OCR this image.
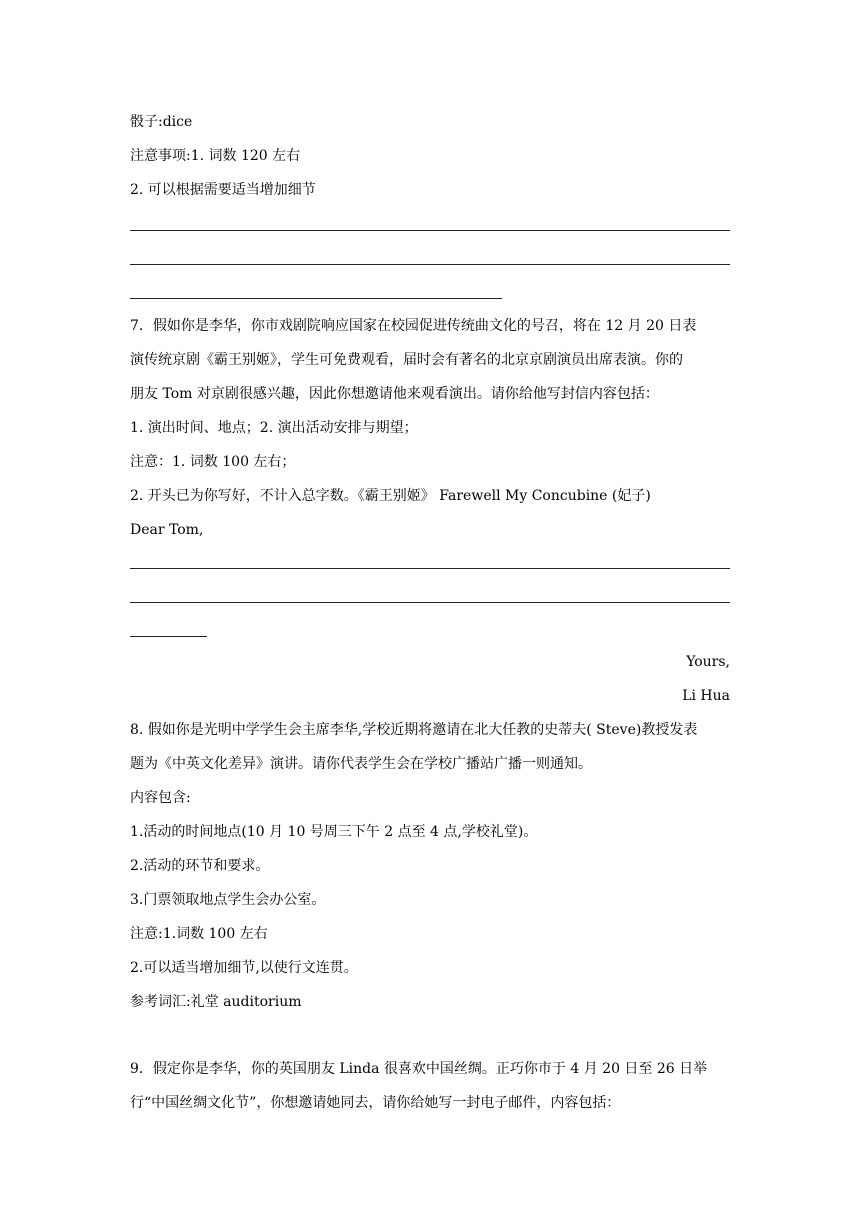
骰子:dice
注意事项:1. 词数 120 左右
2. 可以根据需要适当增加细节
7．假如你是李华，你市戏剧院响应国家在校园促进传统曲文化的号召，将在 12 月 20 日表
演传统京剧《霸王别姬》，学生可免费观看，届时会有著名的北京京剧演员出席表演。你的
朋友 Tom 对京剧很感兴趣，因此你想邀请他来观看演出。请你给他写封信内容包括：
1. 演出时间、地点；2. 演出活动安排与期望；
注意：1. 词数 100 左右；
2. 开头已为你写好，不计入总字数。《霸王别姬》 Farewell My Concubine (妃子)
Dear Tom,
Yours,
Li Hua
8. 假如你是光明中学学生会主席李华,学校近期将邀请在北大任教的史蒂夫( Steve)教授发表
题为《中英文化差异》演讲。请你代表学生会在学校广播站广播一则通知。
内容包含:
1.活动的时间地点(10 月 10 号周三下午 2 点至 4 点,学校礼堂)。
2.活动的环节和要求。
3.门票领取地点学生会办公室。
注意:1.词数 100 左右
2.可以适当增加细节,以使行文连贯。
参考词汇:礼堂 auditorium
9．假定你是李华，你的英国朋友 Linda 很喜欢中国丝绸。正巧你市于 4 月 20 日至 26 日举
行“中国丝绸文化节”，你想邀请她同去，请你给她写一封电子邮件，内容包括：
